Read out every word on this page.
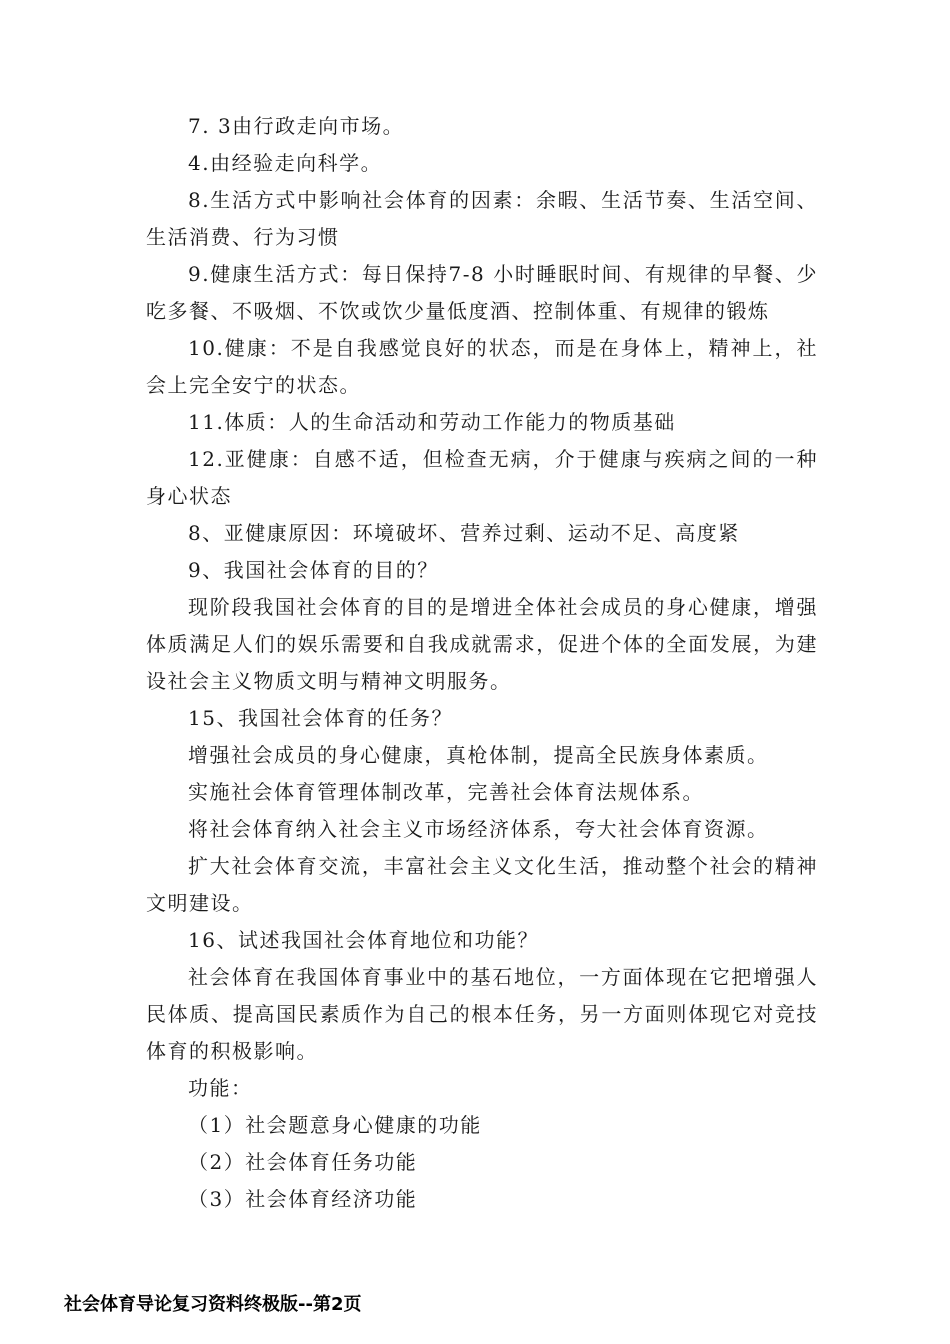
7. 3由行政走向市场。

4.由经验走向科学。

8.生活方式中影响社会体育的因素：余暇、生活节奏、生活空间、生活消费、行为习惯

9.健康生活方式：每日保持7-8 小时睡眠时间、有规律的早餐、少吃多餐、不吸烟、不饮或饮少量低度酒、控制体重、有规律的锻炼

10.健康：不是自我感觉良好的状态，而是在身体上，精神上，社会上完全安宁的状态。

11.体质：人的生命活动和劳动工作能力的物质基础

12.亚健康：自感不适，但检查无病，介于健康与疾病之间的一种身心状态

8、亚健康原因：环境破坏、营养过剩、运动不足、高度紧

9、我国社会体育的目的？

现阶段我国社会体育的目的是增进全体社会成员的身心健康，增强体质满足人们的娱乐需要和自我成就需求，促进个体的全面发展，为建设社会主义物质文明与精神文明服务。

15、我国社会体育的任务？

增强社会成员的身心健康，真枪体制，提高全民族身体素质。

实施社会体育管理体制改革，完善社会体育法规体系。

将社会体育纳入社会主义市场经济体系，夸大社会体育资源。

扩大社会体育交流，丰富社会主义文化生活，推动整个社会的精神文明建设。

16、试述我国社会体育地位和功能？

社会体育在我国体育事业中的基石地位，一方面体现在它把增强人民体质、提高国民素质作为自己的根本任务，另一方面则体现它对竞技体育的积极影响。

功能：

（1）社会题意身心健康的功能

（2）社会体育任务功能

（3）社会体育经济功能

社会体育导论复习资料终极版--第2页
